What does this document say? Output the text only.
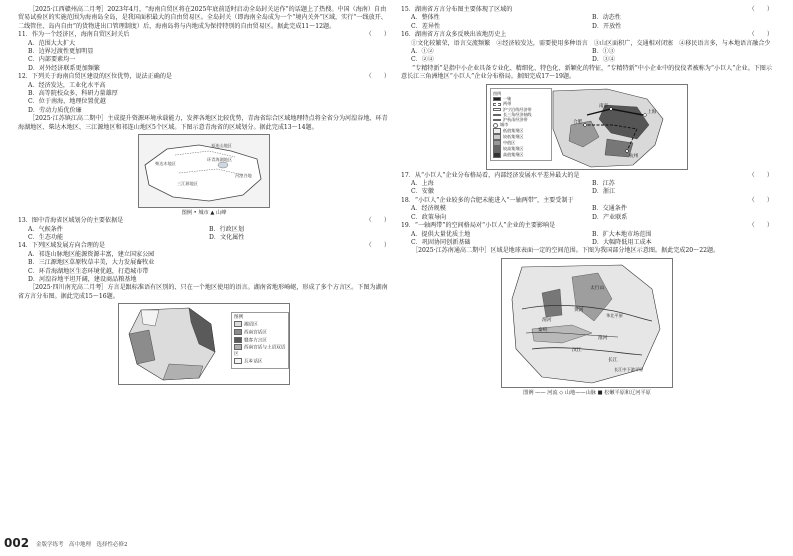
［2025·江西赣州高二月考］2023年4月，“海南自贸区将在2025年底前适时启动全岛封关运作”的话题上了热搜。中国（海南）自由贸易试验区的实施范围为海南岛全岛，是我国面积最大的自由贸易区。全岛封关（即海南全岛成为一个“境内关外”区域，实行“一线放开、二线管住、岛内自由”的货物进出口管理制度）后，海南岛将与内地成为保持特别的自由贸易区。据此完成11～12题。

11．作为一个经济区，海南自贸区封关后	（　　）

A．范围大大扩大

B．边界过渡性更加明显

C．内部要素均一

D．对外经济联系更加频繁

12．下列关于海南自贸区建设的区位优势，说法正确的是	（　　）

A．经济发达，工业化水平高

B．高等院校众多，科研力量雄厚

C．位于南海，地理位置优越

D．劳动力质优价廉

［2025·江苏镇江高二期中］主成提升资源环境承载能力，发挥各地区比较优势，青海省综合区域地理特点将全省分为河湟谷地、环青海湖地区、柴达木地区、三江源地区和祁连山地区5个区域。下图示意青海省的区域划分。据此完成13～14题。

柴达木地区
环青海湖地区
河湟谷地
三江源地区
祁连山地区

图例 • 城市 ▲ 山峰

13．图中青海省区域划分的主要依据是	（　　）
A．气候条件	B．行政区划
C．生态功能	D．文化属性
14．下列区域发展方向合理的是	（　　）

A．祁连山脉地区能源资源丰富，建立国家公园

B．三江源地区草原牧草丰美，大力发展畜牧业

C．环青海湖地区生态环境优越，打造城市带

D．河湟谷地平坦开阔，建设商品粮基地

［2025·四川南充高二月考］方言是跟标准语有区别的、只在一个地区使用的语言。湖南省地形崎岖，形成了多个方言区。下图为湖南省方言分布图。据此完成15～16题。

图例
湘语区
西南官话区
赣客方言区
西南官话与土语双语区
瓦乡话区
15．湖南省方言分布图主要体现了区域的	（　　）
A．整体性	B．动态性
C．差异性	D．开放性
16．湖南省方言众多反映出该地历史上	（　　）

①文化较繁荣，语言交流频繁　②经济较发达，需要使用多种语言　③山区面积广，交通相对闭塞　④移民语言多，与本地语言融合少

A．①②	B．①③
C．②④	D．③④

“专精特新”是指中小企业具备专业化、精细化、特色化、新颖化的特征，“专精特新”中小企业中的佼佼者被称为“小巨人”企业。下图示意长江三角洲地区“小巨人”企业分布格局。据图完成17～19题。

图例
一轴
两带
沪宁沿线经济带
长三角经济轴线
沪杭甬经济带
城市
低值集聚区
较低集聚区
中值区
较高集聚区
高值集聚区
南京
上海
杭州
合肥
17．从“小巨人”企业分布格局看，内部经济发展水平差异最大的是	（　　）
A．上海	B．江苏
C．安徽	D．浙江
18．“小巨人”企业较多的合肥未能进入“一轴两带”，主要受制于	（　　）
A．经济规模	B．交通条件
C．政策导向	D．产业联系
19．“一轴两带”的空间格局对“小巨人”企业的主要影响是	（　　）
A．提供大量优质土地	B．扩大本地市场范围
C．巩固协同创新基础	D．大幅降低用工成本

［2025·江苏南通高二期中］区域是地球表面一定的空间范围。下图为我国部分地区示意图。据此完成20～22题。

淮河
秦岭
汉江
长江
黄河
渭河
太行山
长江中下游平原
华北平原

图例 —— 河流 ◇ 山地——山脉 ■ 松嫩平原和辽河平原

002 金版学练考　高中地理　选择性必修2
